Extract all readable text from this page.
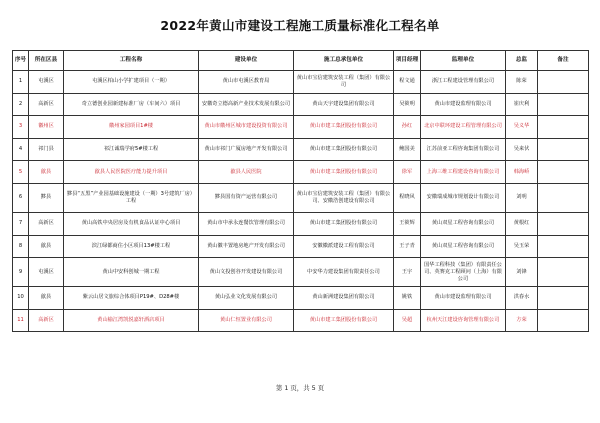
2022年黄山市建设工程施工质量标准化工程名单
序号	所在区县	工程名称	建设单位	施工总承包单位	项目经理	监理单位	总监	备注
1	屯溪区	屯溪区柏山小学扩建项目（一期）	黄山市屯溪区教育局	黄山市宝信建筑安装工程（集团）有限公司	程文通	浙江工程建设管理有限公司	陈荣	
2	高新区	奇立德创业园新建标准厂房（车间六）项目	安徽奇立德高新产业技术发展有限公司	黄山天宇建设集团有限公司	吴筱明	黄山市建设监理有限公司	崔庆利	
3	徽州区	徽州家园项目1#楼	黄山市徽州区城市建设投资有限公司	黄山市建工集团股份有限公司	孙红	北京中联环建设工程管理有限公司	吴义华	
4	祁门县	祁江诚瑞学府5#楼工程	黄山市祁门广厦房地产开发有限公司	黄山市建工集团股份有限公司	鲍国美	江苏前亚工程咨询集团有限公司	吴来伏	
5	歙县	歙县人民医院医疗能力提升项目	歙县人民医院	黄山市建工集团股份有限公司	徐军	上海三维工程建设咨询有限公司	韩海峤	
6	黟县	黟县“五黑”产业园基础设施建设（一期）3号建筑厂房）工程	黟县国有资产运营有限公司	黄山市宝信建筑安装工程（集团）有限公司、安徽浩创建设有限公司	程晓风	安徽瑞成城市规划设计有限公司	刘明	
7	高新区	黄山高铁中央居房及有机食品认证中心项目	黄山市中承永连餐饮管理有限公司	黄山市建工集团股份有限公司	王筱辉	黄山双星工程咨询有限公司	黄根红	
8	歙县	滨江绿都商住小区项目13#楼工程	黄山徽丰置地房地产开发有限公司	安徽徽派建设工程有限公司	王子青	黄山双星工程咨询有限公司	吴玉荣	
9	屯溪区	黄山中安科创城一期工程	黄山文投创谷开发建设有限公司	中安华力建设集团有限责任公司	王宇	国华工程科技（集团）有限责任公司、英赛克工程顾问（上海）有限公司	刘锋	
10	歙县	紫云山居文旅综合体项目P19#、D28#楼	黄山弘业文化发展有限公司	黄山新洲建设集团有限公司	姚铁	黄山市建设监理有限公司	洪春水	
11	高新区	黄山榆江湾凯悦嘉轩酒店项目	黄山仁恒置业有限公司	黄山市建工集团股份有限公司	吴超	杭州天江建设咨询管理有限公司	方荣	
第 1 页，共 5 页
